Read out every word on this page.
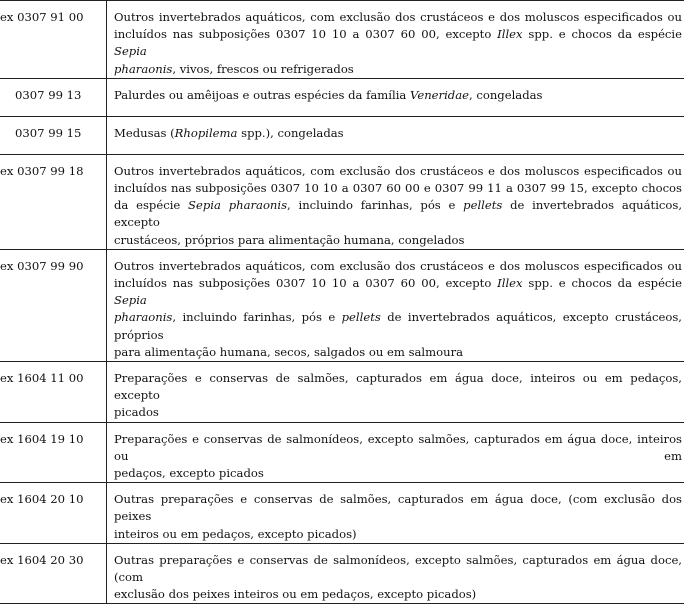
ex 0307 91 00	Outros invertebrados aquáticos, com exclusão dos crustáceos e dos moluscos especificados ou
incluídos nas subposições 0307 10 10 a 0307 60 00, excepto Illex spp. e chocos da espécie Sepia
pharaonis, vivos, frescos ou refrigerados

0307 99 13	Palurdes ou amêijoas e outras espécies da família Veneridae, congeladas

0307 99 15	Medusas (Rhopilema spp.), congeladas

ex 0307 99 18	Outros invertebrados aquáticos, com exclusão dos crustáceos e dos moluscos especificados ou
incluídos nas subposições 0307 10 10 a 0307 60 00 e 0307 99 11 a 0307 99 15, excepto chocos
da espécie Sepia pharaonis, incluindo farinhas, pós e pellets de invertebrados aquáticos, excepto
crustáceos, próprios para alimentação humana, congelados

ex 0307 99 90	Outros invertebrados aquáticos, com exclusão dos crustáceos e dos moluscos especificados ou
incluídos nas subposições 0307 10 10 a 0307 60 00, excepto Illex spp. e chocos da espécie Sepia
pharaonis, incluindo farinhas, pós e pellets de invertebrados aquáticos, excepto crustáceos, próprios
para alimentação humana, secos, salgados ou em salmoura

ex 1604 11 00	Preparações e conservas de salmões, capturados em água doce, inteiros ou em pedaços, excepto
picados

ex 1604 19 10	Preparações e conservas de salmonídeos, excepto salmões, capturados em água doce, inteiros ou em
pedaços, excepto picados

ex 1604 20 10	Outras preparações e conservas de salmões, capturados em água doce, (com exclusão dos peixes
inteiros ou em pedaços, excepto picados)

ex 1604 20 30	Outras preparações e conservas de salmonídeos, excepto salmões, capturados em água doce, (com
exclusão dos peixes inteiros ou em pedaços, excepto picados)
